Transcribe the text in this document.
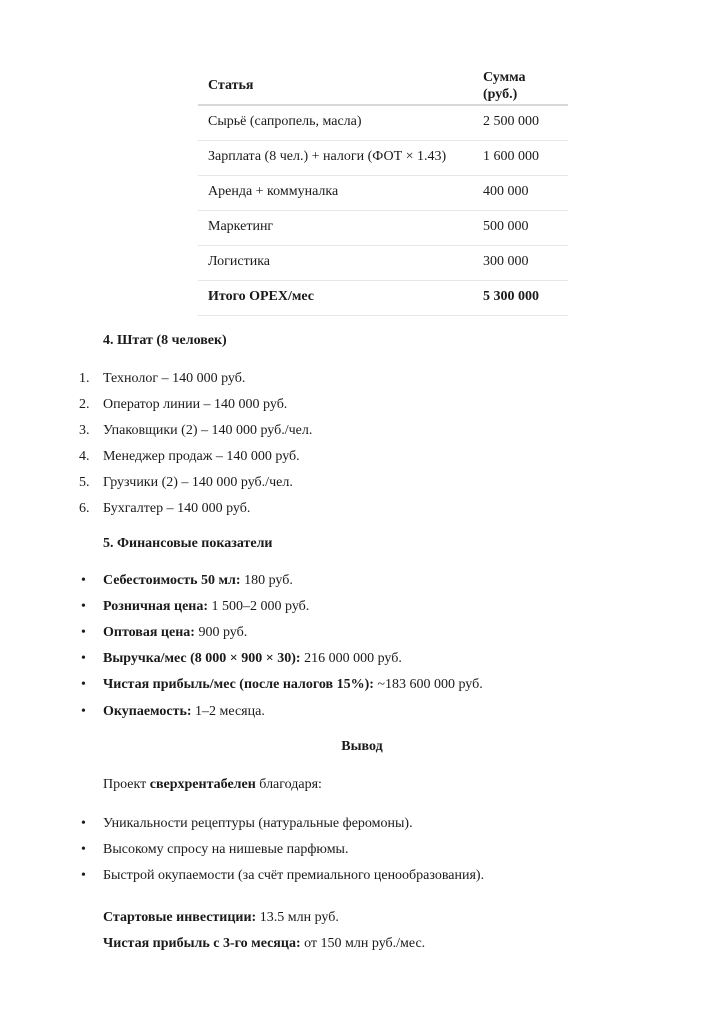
Статья	Сумма (руб.)
Сырьё (сапропель, масла)	2 500 000
Зарплата (8 чел.) + налоги (ФОТ × 1.43)	1 600 000
Аренда + коммуналка	400 000
Маркетинг	500 000
Логистика	300 000
Итого OPEX/мес	5 300 000
4. Штат (8 человек)
1. Технолог – 140 000 руб.
2. Оператор линии – 140 000 руб.
3. Упаковщики (2) – 140 000 руб./чел.
4. Менеджер продаж – 140 000 руб.
5. Грузчики (2) – 140 000 руб./чел.
6. Бухгалтер – 140 000 руб.
5. Финансовые показатели
• Себестоимость 50 мл: 180 руб.
• Розничная цена: 1 500–2 000 руб.
• Оптовая цена: 900 руб.
• Выручка/мес (8 000 × 900 × 30): 216 000 000 руб.
• Чистая прибыль/мес (после налогов 15%): ~183 600 000 руб.
• Окупаемость: 1–2 месяца.
Вывод
Проект сверхрентабелен благодаря:
• Уникальности рецептуры (натуральные феромоны).
• Высокому спросу на нишевые парфюмы.
• Быстрой окупаемости (за счёт премиального ценообразования).
Стартовые инвестиции: 13.5 млн руб.
Чистая прибыль с 3-го месяца: от 150 млн руб./мес.
